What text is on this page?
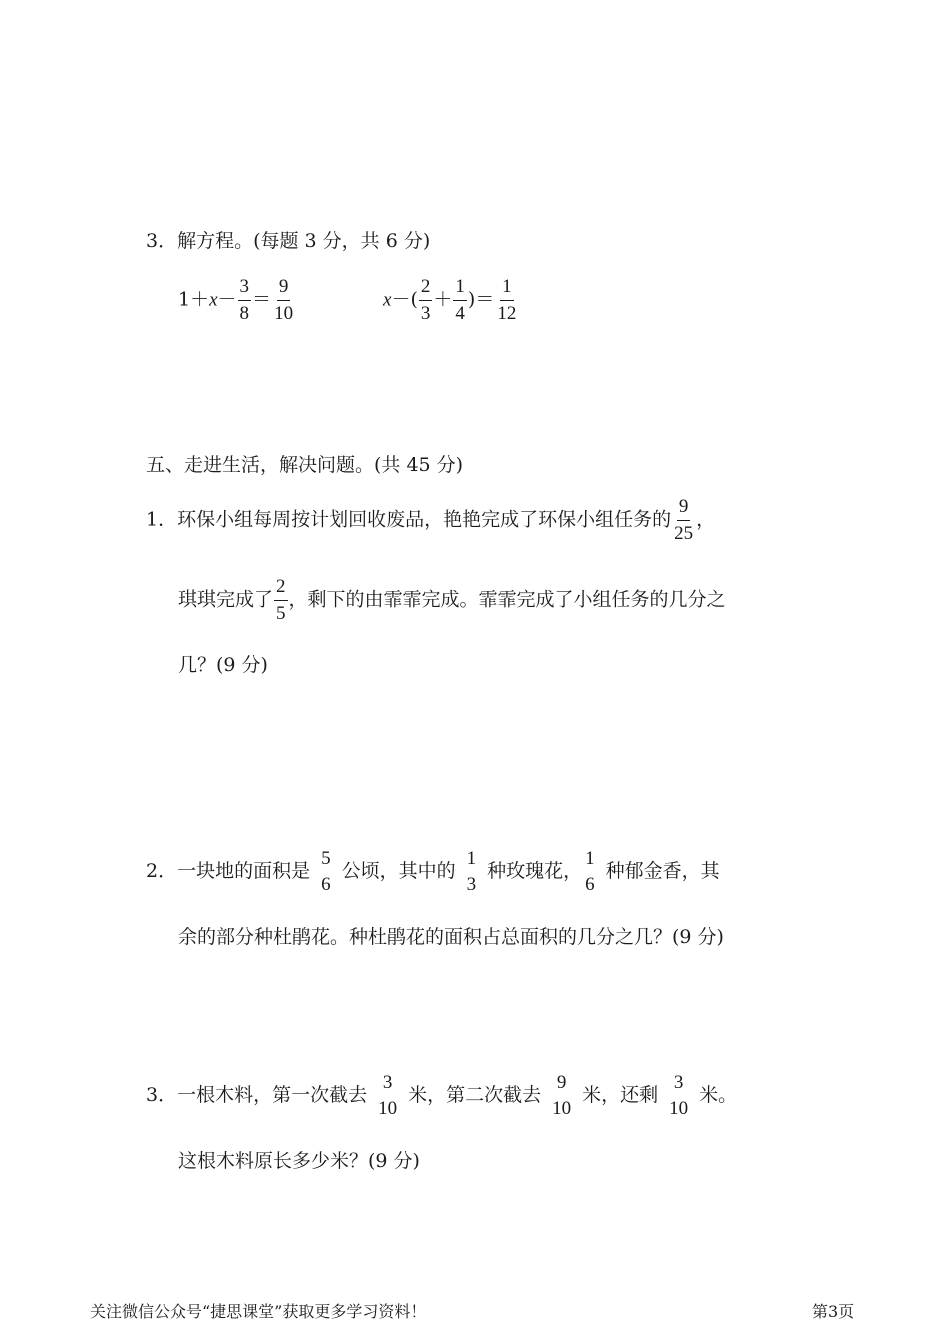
3．解方程。(每题 3 分，共 6 分)
$1+x- \frac{3}{8} = \frac{9}{10}$	$x-( \frac{2}{3} + \frac{1}{4}$ )＝ $\frac{1}{12}$
五、走进生活，解决问题。(共 45 分)
1．环保小组每周按计划回收废品，艳艳完成了环保小组任务的 $\frac{9}{25}$ ，
琪琪完成了 $\frac{2}{5}$ ，剩下的由霏霏完成。霏霏完成了小组任务的几分之
几？(9 分)
2．一块地的面积是
5
6
公顷，其中的
1
3
种玫瑰花，
1
6
种郁金香，其
余的部分种杜鹃花。种杜鹃花的面积占总面积的几分之几？(9 分)
3．一根木料，第一次截去
3
10
米，第二次截去
9
10
米，还剩
3
10
米。
这根木料原长多少米？(9 分)
关注微信公众号“捷思课堂”获取更多学习资料！	第3页
